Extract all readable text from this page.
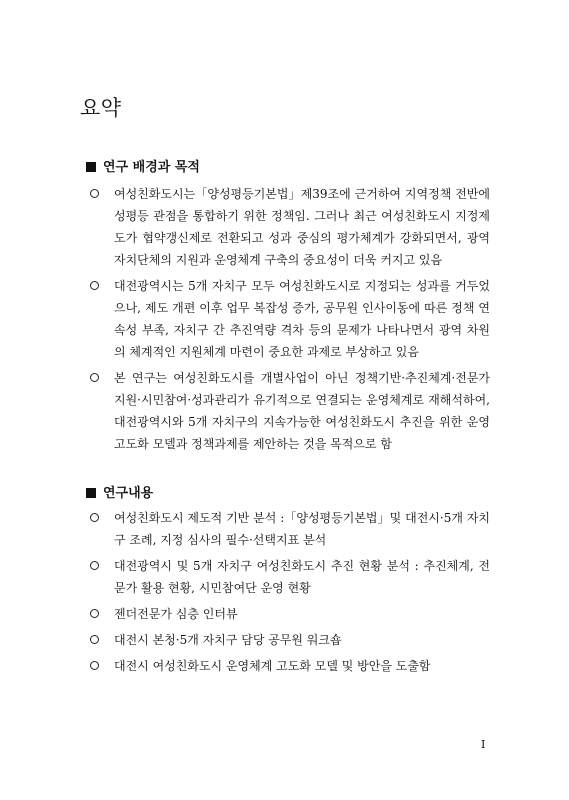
요약
연구 배경과 목적
여성친화도시는「양성평등기본법」제39조에 근거하여 지역정책 전반에 성평등 관점을 통합하기 위한 정책임. 그러나 최근 여성친화도시 지정제도가 협약갱신제로 전환되고 성과 중심의 평가체계가 강화되면서, 광역자치단체의 지원과 운영체계 구축의 중요성이 더욱 커지고 있음
대전광역시는 5개 자치구 모두 여성친화도시로 지정되는 성과를 거두었으나, 제도 개편 이후 업무 복잡성 증가, 공무원 인사이동에 따른 정책 연속성 부족, 자치구 간 추진역량 격차 등의 문제가 나타나면서 광역 차원의 체계적인 지원체계 마련이 중요한 과제로 부상하고 있음
본 연구는 여성친화도시를 개별사업이 아닌 정책기반·추진체계·전문가 지원·시민참여·성과관리가 유기적으로 연결되는 운영체계로 재해석하여, 대전광역시와 5개 자치구의 지속가능한 여성친화도시 추진을 위한 운영고도화 모델과 정책과제를 제안하는 것을 목적으로 함
연구내용
여성친화도시 제도적 기반 분석 :「양성평등기본법」및 대전시·5개 자치구 조례, 지정 심사의 필수·선택지표 분석
대전광역시 및 5개 자치구 여성친화도시 추진 현황 분석 : 추진체계, 전문가 활용 현황, 시민참여단 운영 현황
젠더전문가 심층 인터뷰
대전시 본청·5개 자치구 담당 공무원 워크숍
대전시 여성친화도시 운영체계 고도화 모델 및 방안을 도출함
I
